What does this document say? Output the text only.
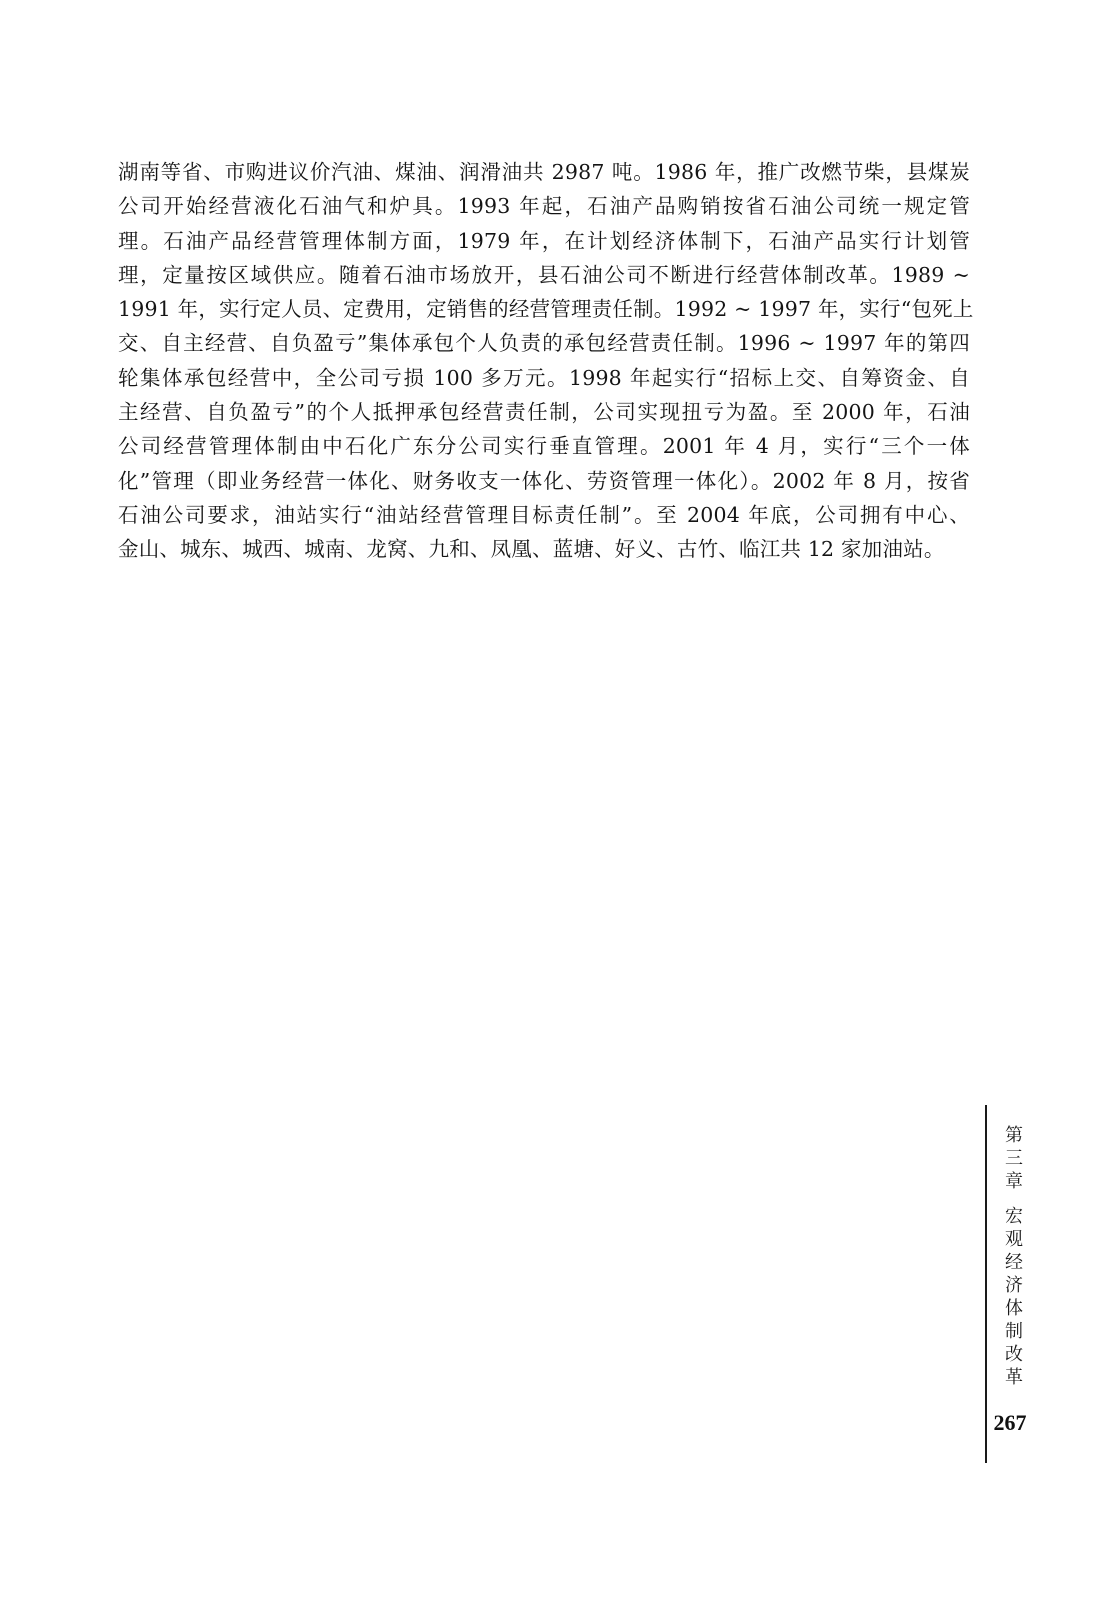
湖南等省、市购进议价汽油、煤油、润滑油共 2987 吨。1986 年，推广改燃节柴，县煤炭
公司开始经营液化石油气和炉具。1993 年起，石油产品购销按省石油公司统一规定管
理。石油产品经营管理体制方面，1979 年，在计划经济体制下，石油产品实行计划管
理，定量按区域供应。随着石油市场放开，县石油公司不断进行经营体制改革。1989 ~
1991 年，实行定人员、定费用，定销售的经营管理责任制。1992 ~ 1997 年，实行“包死上
交、自主经营、自负盈亏”集体承包个人负责的承包经营责任制。1996 ~ 1997 年的第四
轮集体承包经营中，全公司亏损 100 多万元。1998 年起实行“招标上交、自筹资金、自
主经营、自负盈亏”的个人抵押承包经营责任制，公司实现扭亏为盈。至 2000 年，石油
公司经营管理体制由中石化广东分公司实行垂直管理。2001 年 4 月，实行“三个一体
化”管理（即业务经营一体化、财务收支一体化、劳资管理一体化）。2002 年 8 月，按省
石油公司要求，油站实行“油站经营管理目标责任制”。至 2004 年底，公司拥有中心、
金山、城东、城西、城南、龙窝、九和、凤凰、蓝塘、好义、古竹、临江共 12 家加油站。
第三章宏观经济体制改革
267
